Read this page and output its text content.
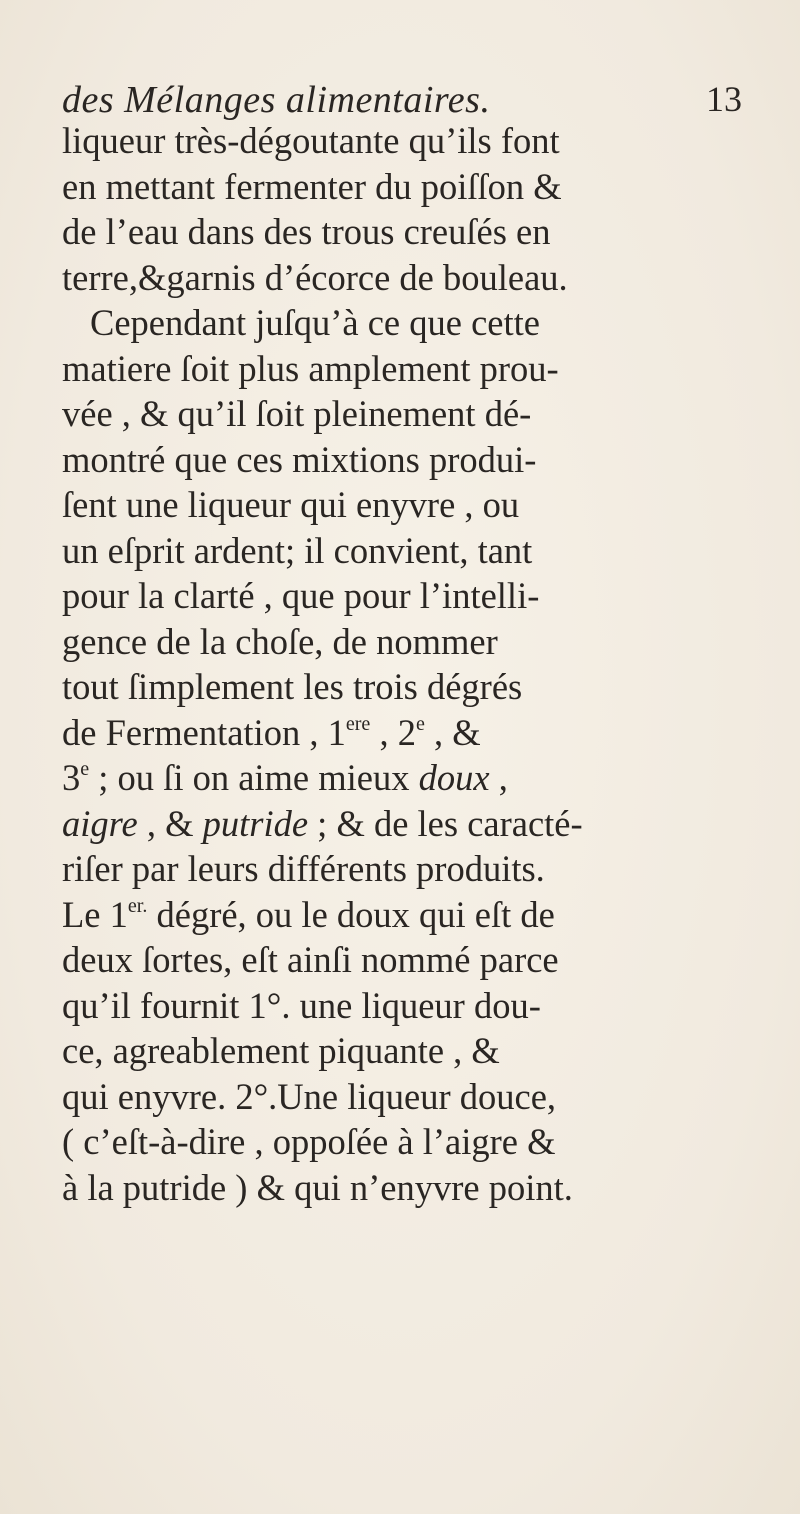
des Mélanges alimentaires.	13
liqueur très-dégoutante qu’ils font
en mettant fermenter du poiſſon &
de l’eau dans des trous creuſés en
terre,&garnis d’écorce de bouleau.
Cependant juſqu’à ce que cette
matiere ſoit plus amplement prou-
vée , & qu’il ſoit pleinement dé-
montré que ces mixtions produi-
ſent une liqueur qui enyvre , ou
un eſprit ardent; il convient, tant
pour la clarté , que pour l’intelli-
gence de la choſe, de nommer
tout ſimplement les trois dégrés
de Fermentation , 1ere , 2e , &
3e ; ou ſi on aime mieux doux ,
aigre , & putride ; & de les caracté-
riſer par leurs différents produits.
Le $1^{er.}$ dégré, ou le doux qui eſt de
deux ſortes, eſt ainſi nommé parce
qu’il fournit 1°. une liqueur dou-
ce, agreablement piquante , &
qui enyvre. 2°.Une liqueur douce,
( c’eſt-à-dire , oppoſée à l’aigre &
à la putride ) & qui n’enyvre point.
